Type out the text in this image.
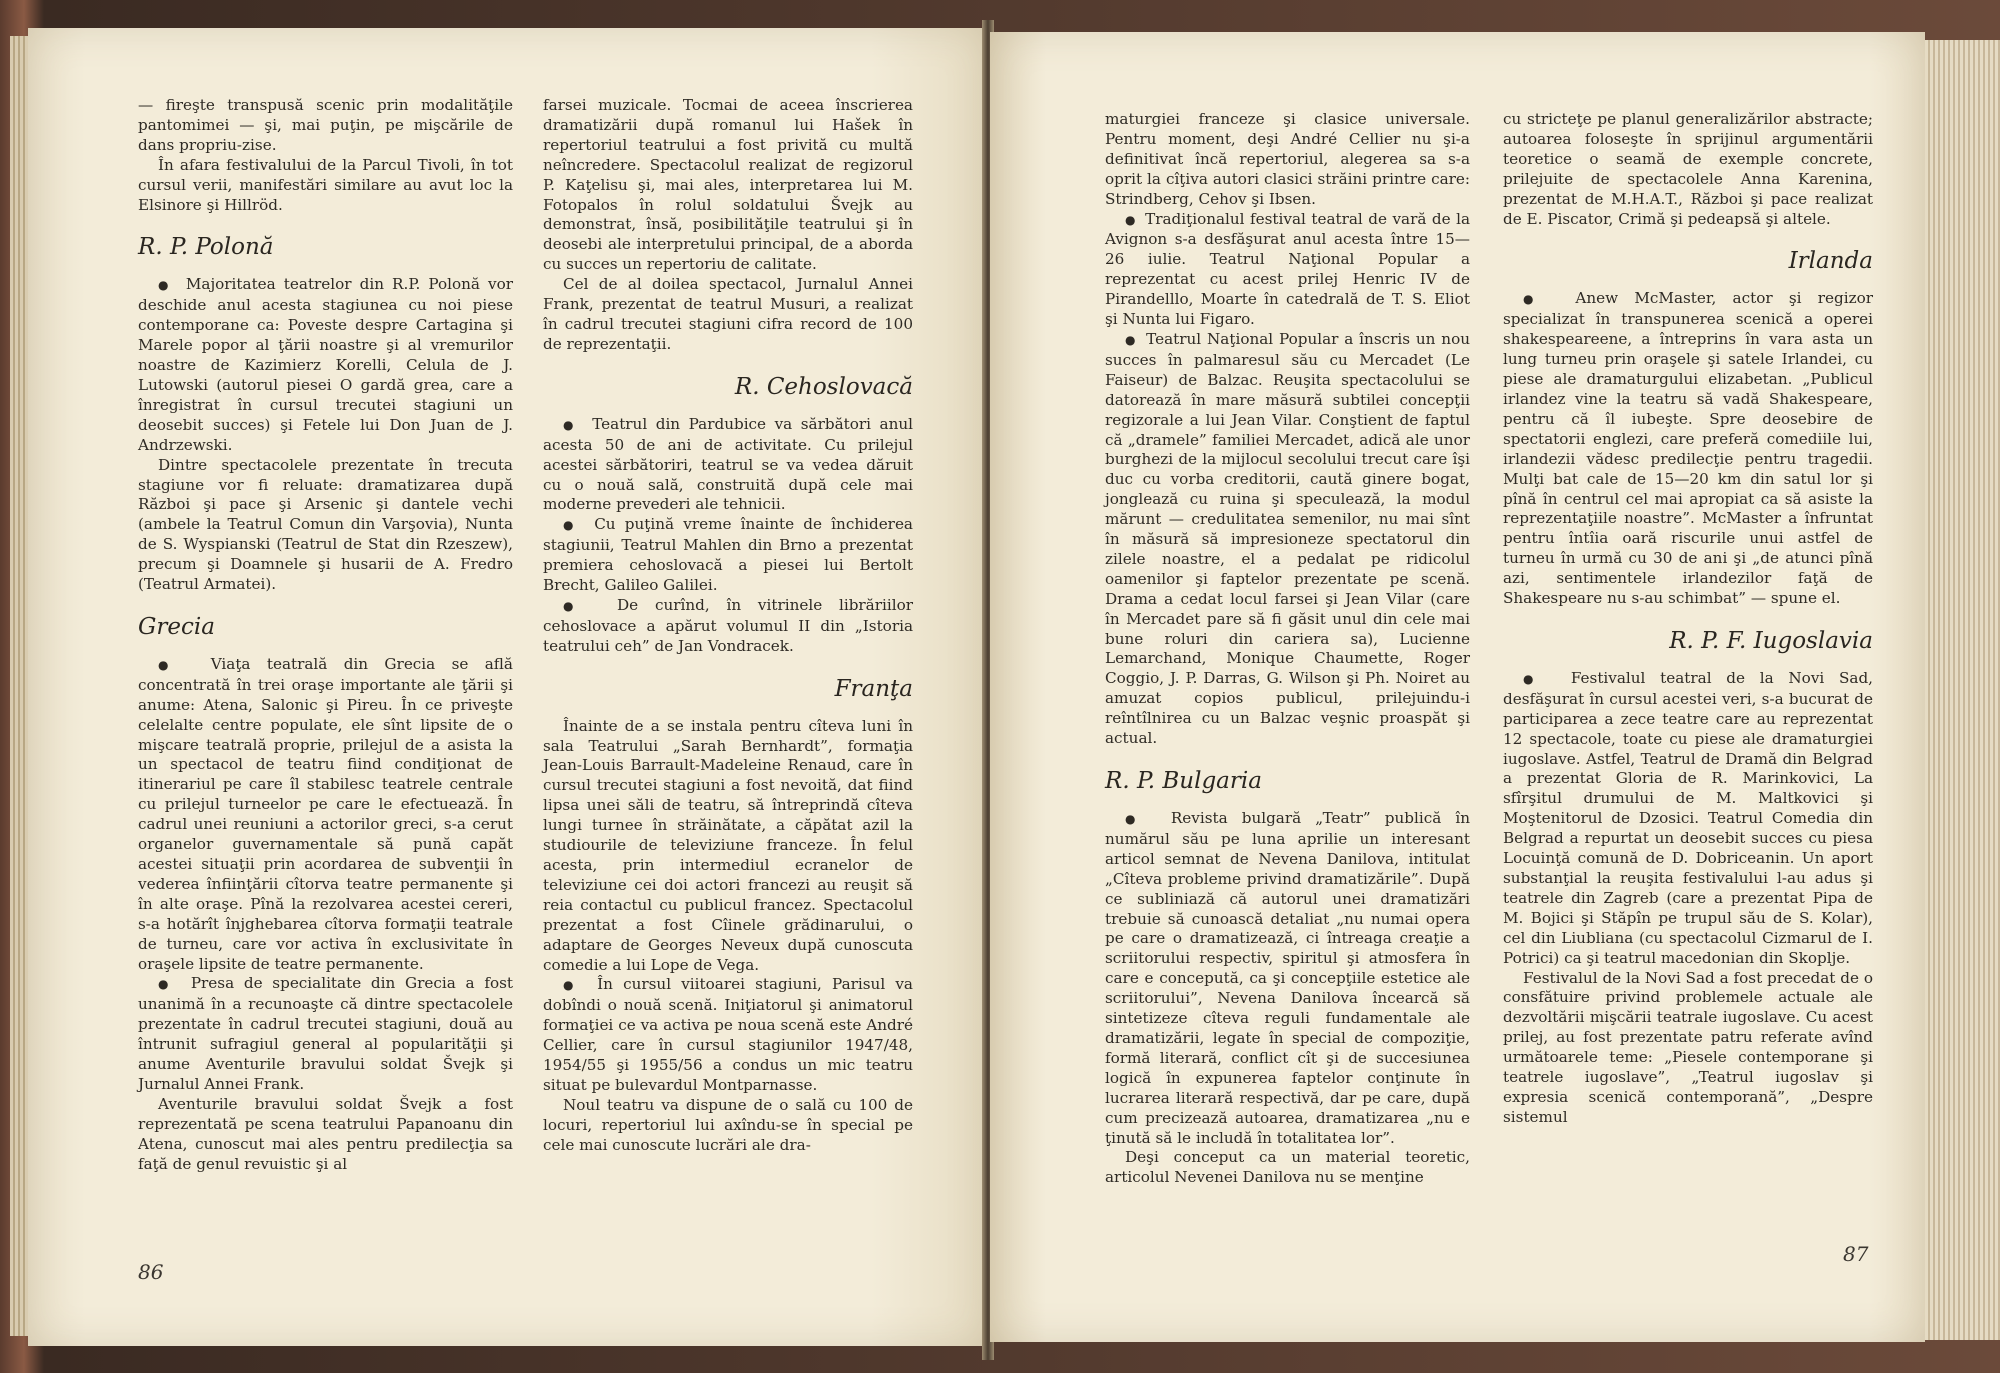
— fireşte transpusă scenic prin modalităţile pantomimei — şi, mai puţin, pe mişcările de dans propriu-zise.

În afara festivalului de la Parcul Tivoli, în tot cursul verii, manifestări similare au avut loc la Elsinore şi Hillröd.

R. P. Polonă

●  Majoritatea teatrelor din R.P. Polonă vor deschide anul acesta stagiunea cu noi piese contemporane ca: Poveste despre Cartagina şi Marele popor al ţării noastre şi al vremurilor noastre de Kazimierz Korelli, Celula de J. Lutowski (autorul piesei O gardă grea, care a înregistrat în cursul trecutei stagiuni un deosebit succes) şi Fetele lui Don Juan de J. Andrzewski.

Dintre spectacolele prezentate în trecuta stagiune vor fi reluate: dramatizarea după Război şi pace şi Arsenic şi dantele vechi (ambele la Teatrul Comun din Varşovia), Nunta de S. Wyspianski (Teatrul de Stat din Rzeszew), precum şi Doamnele şi husarii de A. Fredro (Teatrul Armatei).

Grecia

●  Viaţa teatrală din Grecia se află concentrată în trei oraşe importante ale ţării şi anume: Atena, Salonic şi Pireu. În ce priveşte celelalte centre populate, ele sînt lipsite de o mişcare teatrală proprie, prilejul de a asista la un spectacol de teatru fiind condiţionat de itinerariul pe care îl stabilesc teatrele centrale cu prilejul turneelor pe care le efectuează. În cadrul unei reuniuni a actorilor greci, s-a cerut organelor guvernamentale să pună capăt acestei situaţii prin acordarea de subvenţii în vederea înfiinţării cîtorva teatre permanente şi în alte oraşe. Pînă la rezolvarea acestei cereri, s-a hotărît înjghebarea cîtorva formaţii teatrale de turneu, care vor activa în exclusivitate în oraşele lipsite de teatre permanente.

●  Presa de specialitate din Grecia a fost unanimă în a recunoaşte că dintre spectacolele prezentate în cadrul trecutei stagiuni, două au întrunit sufragiul general al popularităţii şi anume Aventurile bravului soldat Švejk şi Jurnalul Annei Frank.

Aventurile bravului soldat Švejk a fost reprezentată pe scena teatrului Papanoanu din Atena, cunoscut mai ales pentru predilecţia sa faţă de genul revuistic şi al

farsei muzicale. Tocmai de aceea înscrierea dramatizării după romanul lui Hašek în repertoriul teatrului a fost privită cu multă neîncredere. Spectacolul realizat de regizorul P. Kaţelisu şi, mai ales, interpretarea lui M. Fotopalos în rolul soldatului Švejk au demonstrat, însă, posibilităţile teatrului şi în deosebi ale interpretului principal, de a aborda cu succes un repertoriu de calitate.

Cel de al doilea spectacol, Jurnalul Annei Frank, prezentat de teatrul Musuri, a realizat în cadrul trecutei stagiuni cifra record de 100 de reprezentaţii.

R. Cehoslovacă

●  Teatrul din Pardubice va sărbători anul acesta 50 de ani de activitate. Cu prilejul acestei sărbătoriri, teatrul se va vedea dăruit cu o nouă sală, construită după cele mai moderne prevederi ale tehnicii.

●  Cu puţină vreme înainte de închiderea stagiunii, Teatrul Mahlen din Brno a prezentat premiera cehoslovacă a piesei lui Bertolt Brecht, Galileo Galilei.

●  De curînd, în vitrinele librăriilor cehoslovace a apărut volumul II din „Istoria teatrului ceh” de Jan Vondracek.

Franţa

Înainte de a se instala pentru cîteva luni în sala Teatrului „Sarah Bernhardt”, formaţia Jean-Louis Barrault-Madeleine Renaud, care în cursul trecutei stagiuni a fost nevoită, dat fiind lipsa unei săli de teatru, să întreprindă cîteva lungi turnee în străinătate, a căpătat azil la studiourile de televiziune franceze. În felul acesta, prin intermediul ecranelor de televiziune cei doi actori francezi au reuşit să reia contactul cu publicul francez. Spectacolul prezentat a fost Cîinele grădinarului, o adaptare de Georges Neveux după cunoscuta comedie a lui Lope de Vega.

●  În cursul viitoarei stagiuni, Parisul va dobîndi o nouă scenă. Iniţiatorul şi animatorul formaţiei ce va activa pe noua scenă este André Cellier, care în cursul stagiunilor 1947/48, 1954/55 şi 1955/56 a condus un mic teatru situat pe bulevardul Montparnasse.

Noul teatru va dispune de o sală cu 100 de locuri, repertoriul lui axîndu-se în special pe cele mai cunoscute lucrări ale dra-

86

maturgiei franceze şi clasice universale. Pentru moment, deşi André Cellier nu şi-a definitivat încă repertoriul, alegerea sa s-a oprit la cîţiva autori clasici străini printre care: Strindberg, Cehov şi Ibsen.

●  Tradiţionalul festival teatral de vară de la Avignon s-a desfăşurat anul acesta între 15—26 iulie. Teatrul Naţional Popular a reprezentat cu acest prilej Henric IV de Pirandelllo, Moarte în catedrală de T. S. Eliot şi Nunta lui Figaro.

●  Teatrul Naţional Popular a înscris un nou succes în palmaresul său cu Mercadet (Le Faiseur) de Balzac. Reuşita spectacolului se datorează în mare măsură subtilei concepţii regizorale a lui Jean Vilar. Conştient de faptul că „dramele” familiei Mercadet, adică ale unor burghezi de la mijlocul secolului trecut care îşi duc cu vorba creditorii, caută ginere bogat, jonglează cu ruina şi speculează, la modul mărunt — credulitatea semenilor, nu mai sînt în măsură să impresioneze spectatorul din zilele noastre, el a pedalat pe ridicolul oamenilor şi faptelor prezentate pe scenă. Drama a cedat locul farsei şi Jean Vilar (care în Mercadet pare să fi găsit unul din cele mai bune roluri din cariera sa), Lucienne Lemarchand, Monique Chaumette, Roger Coggio, J. P. Darras, G. Wilson şi Ph. Noiret au amuzat copios publicul, prilejuindu-i reîntîlnirea cu un Balzac veşnic proaspăt şi actual.

R. P. Bulgaria

●  Revista bulgară „Teatr” publică în numărul său pe luna aprilie un interesant articol semnat de Nevena Danilova, intitulat „Cîteva probleme privind dramatizările”. După ce subliniază că autorul unei dramatizări trebuie să cunoască detaliat „nu numai opera pe care o dramatizează, ci întreaga creaţie a scriitorului respectiv, spiritul şi atmosfera în care e concepută, ca şi concepţiile estetice ale scriitorului”, Nevena Danilova încearcă să sintetizeze cîteva reguli fundamentale ale dramatizării, legate în special de compoziţie, formă literară, conflict cît şi de succesiunea logică în expunerea faptelor conţinute în lucrarea literară respectivă, dar pe care, după cum precizează autoarea, dramatizarea „nu e ţinută să le includă în totalitatea lor”.

Deşi conceput ca un material teoretic, articolul Nevenei Danilova nu se menţine

cu stricteţe pe planul generalizărilor abstracte; autoarea foloseşte în sprijinul argumentării teoretice o seamă de exemple concrete, prilejuite de spectacolele Anna Karenina, prezentat de M.H.A.T., Război şi pace realizat de E. Piscator, Crimă şi pedeapsă şi altele.

Irlanda

●  Anew McMaster, actor şi regizor specializat în transpunerea scenică a operei shakespeareene, a întreprins în vara asta un lung turneu prin oraşele şi satele Irlandei, cu piese ale dramaturgului elizabetan. „Publicul irlandez vine la teatru să vadă Shakespeare, pentru că îl iubeşte. Spre deosebire de spectatorii englezi, care preferă comediile lui, irlandezii vădesc predilecţie pentru tragedii. Mulţi bat cale de 15—20 km din satul lor şi pînă în centrul cel mai apropiat ca să asiste la reprezentaţiile noastre”. McMaster a înfruntat pentru întîia oară riscurile unui astfel de turneu în urmă cu 30 de ani şi „de atunci pînă azi, sentimentele irlandezilor faţă de Shakespeare nu s-au schimbat” — spune el.

R. P. F. Iugoslavia

●  Festivalul teatral de la Novi Sad, desfăşurat în cursul acestei veri, s-a bucurat de participarea a zece teatre care au reprezentat 12 spectacole, toate cu piese ale dramaturgiei iugoslave. Astfel, Teatrul de Dramă din Belgrad a prezentat Gloria de R. Marinkovici, La sfîrşitul drumului de M. Maltkovici şi Moştenitorul de Dzosici. Teatrul Comedia din Belgrad a repurtat un deosebit succes cu piesa Locuinţă comună de D. Dobriceanin. Un aport substanţial la reuşita festivalului l-au adus şi teatrele din Zagreb (care a prezentat Pipa de M. Bojici şi Stăpîn pe trupul său de S. Kolar), cel din Liubliana (cu spectacolul Cizmarul de I. Potrici) ca şi teatrul macedonian din Skoplje.

Festivalul de la Novi Sad a fost precedat de o consfătuire privind problemele actuale ale dezvoltării mişcării teatrale iugoslave. Cu acest prilej, au fost prezentate patru referate avînd următoarele teme: „Piesele contemporane şi teatrele iugoslave”, „Teatrul iugoslav şi expresia scenică contemporană”, „Despre sistemul

87
